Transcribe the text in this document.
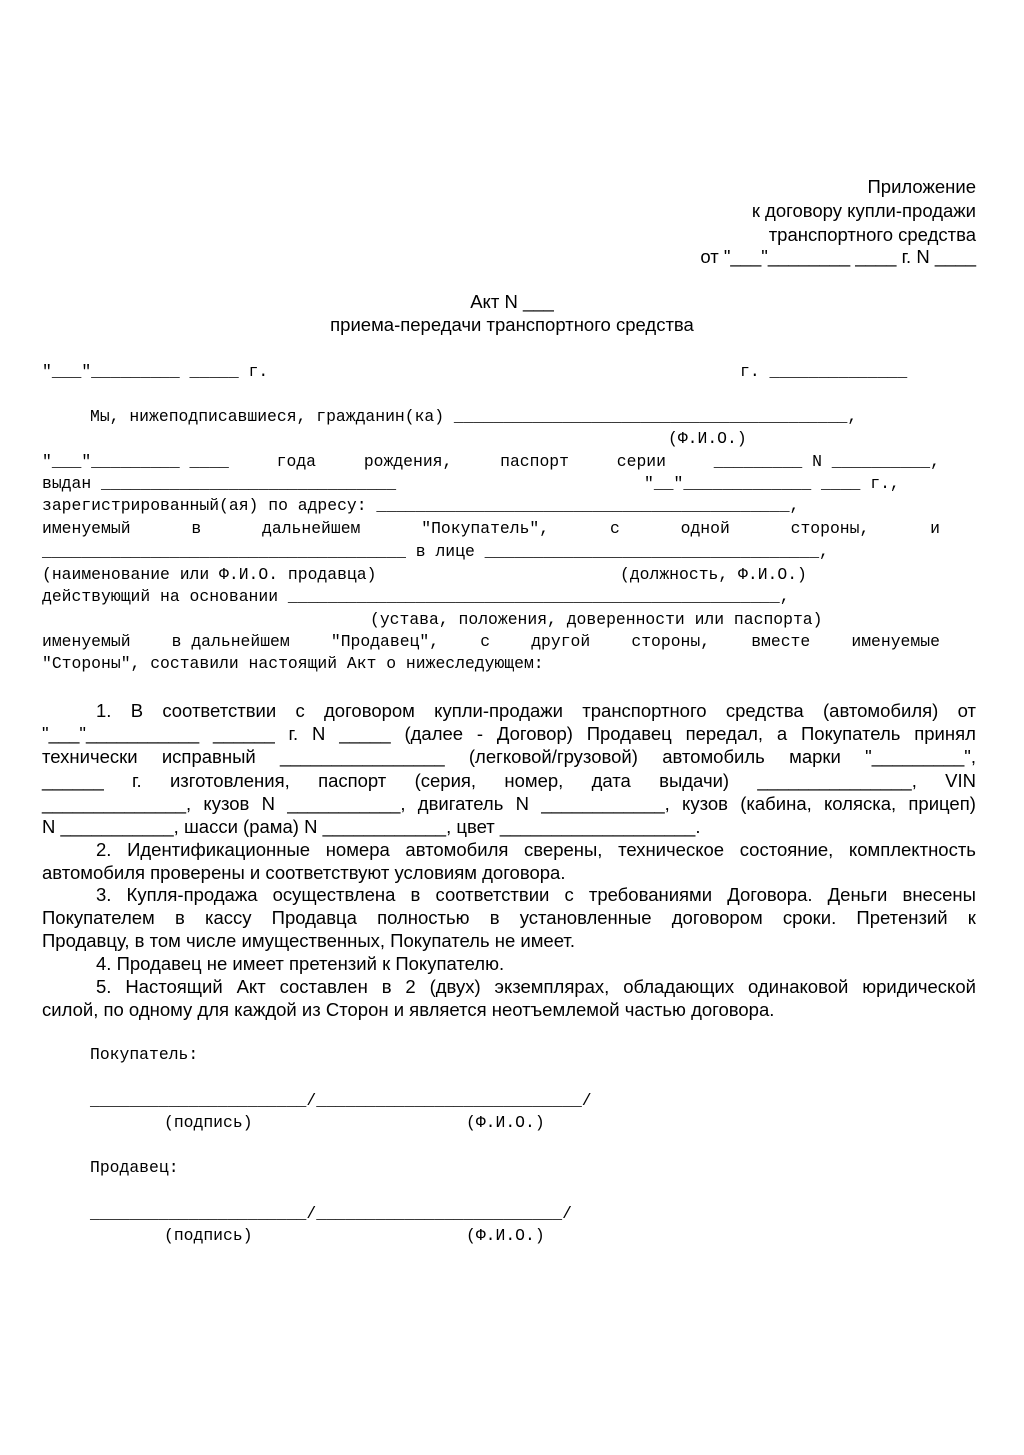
Приложение
к договору купли-продажи
транспортного средства
от "___"________ ____ г. N ____
Акт N ___
приема-передачи транспортного средства
"___"_________ _____ г.	г. ______________
Мы, нижеподписавшиеся, гражданин(ка) ________________________________________,
(Ф.И.О.)
"___"_________ ____	года	рождения,	паспорт	серии	_________ N __________,
выдан ______________________________	"__"_____________ ____ г.,
зарегистрированный(ая) по адресу: __________________________________________,
именуемый	в	дальнейшем	"Покупатель",	с	одной	стороны,	и
_____________________________________ в лице __________________________________,
(наименование или Ф.И.О. продавца)	(должность, Ф.И.О.)
действующий на основании __________________________________________________,
(устава, положения, доверенности или паспорта)
именуемый	в дальнейшем	"Продавец",	с	другой	стороны,	вместе	именуемые
"Стороны", составили настоящий Акт о нижеследующем:
1. В соответствии с договором купли-продажи транспортного средства (автомобиля) от
"___"___________ ______ г. N _____ (далее - Договор) Продавец передал, а Покупатель принял
технически исправный ________________ (легковой/грузовой) автомобиль марки "_________",
______ г. изготовления, паспорт (серия, номер, дата выдачи) _______________, VIN
______________, кузов N ___________, двигатель N ____________, кузов (кабина, коляска, прицеп)
N ___________, шасси (рама) N ____________, цвет ___________________.
2. Идентификационные номера автомобиля сверены, техническое состояние, комплектность
автомобиля проверены и соответствуют условиям договора.
3. Купля-продажа осуществлена в соответствии с требованиями Договора. Деньги внесены
Покупателем в кассу Продавца полностью в установленные договором сроки. Претензий к
Продавцу, в том числе имущественных, Покупатель не имеет.
4. Продавец не имеет претензий к Покупателю.
5. Настоящий Акт составлен в 2 (двух) экземплярах, обладающих одинаковой юридической
силой, по одному для каждой из Сторон и является неотъемлемой частью договора.
Покупатель:
______________________/___________________________/
(подпись)	(Ф.И.О.)
Продавец:
______________________/_________________________/
(подпись)	(Ф.И.О.)
